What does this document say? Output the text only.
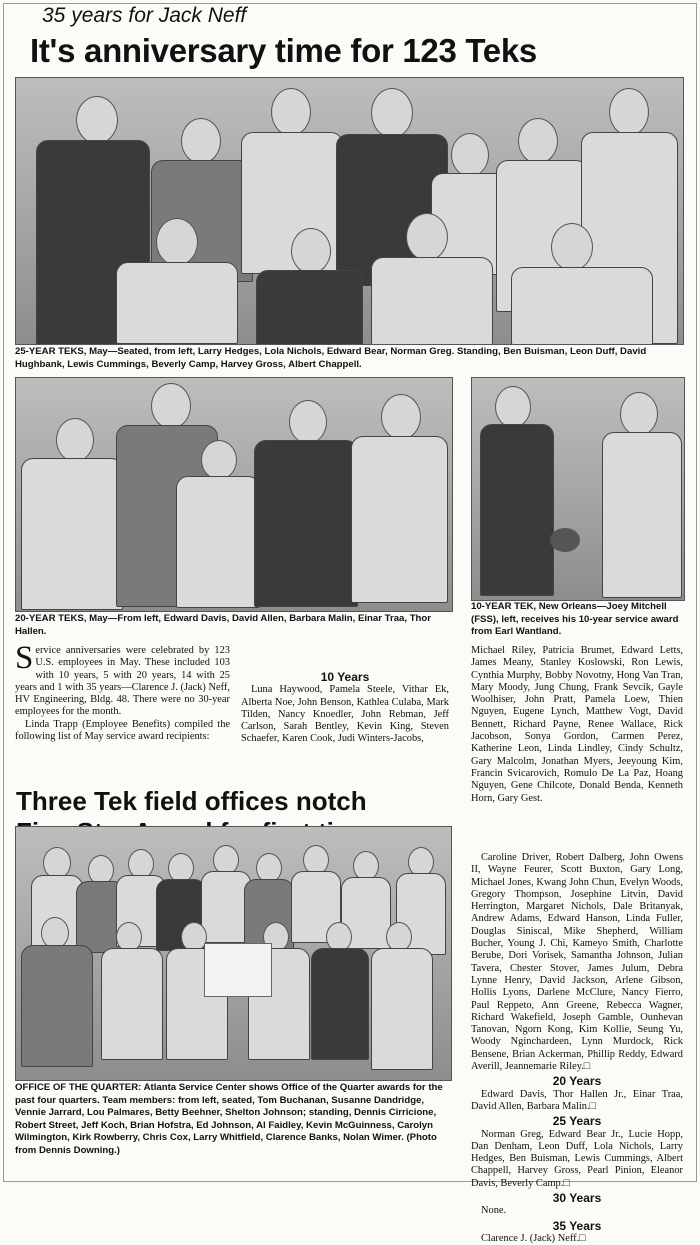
35 years for Jack Neff
It's anniversary time for 123 Teks
25-YEAR TEKS, May—Seated, from left, Larry Hedges, Lola Nichols, Edward Bear, Norman Greg. Standing, Ben Buisman, Leon Duff, David Hughbank, Lewis Cummings, Beverly Camp, Harvey Gross, Albert Chappell.
20-YEAR TEKS, May—From left, Edward Davis, David Allen, Barbara Malin, Einar Traa, Thor Hallen.
10-YEAR TEK, New Orleans—Joey Mitchell (FSS), left, receives his 10-year service award from Earl Wantland.

Service anniversaries were celebrated by 123 U.S. employees in May. These included 103 with 10 years, 5 with 20 years, 14 with 25 years and 1 with 35 years—Clarence J. (Jack) Neff, HV Engineering, Bldg. 48. There were no 30-year employees for the month.

Linda Trapp (Employee Benefits) compiled the following list of May service award recipients:

10 Years

Luna Haywood, Pamela Steele, Vithar Ek, Alberta Noe, John Benson, Kathlea Culaba, Mark Tilden, Nancy Knoedler, John Rebman, Jeff Carlson, Sarah Bentley, Kevin King, Steven Schaefer, Karen Cook, Judi Winters-Jacobs,

Michael Riley, Patricia Brumet, Edward Letts, James Meany, Stanley Koslowski, Ron Lewis, Cynthia Murphy, Bobby Novotny, Hong Van Tran, Mary Moody, Jung Chung, Frank Sevcik, Gayle Woolhiser, John Pratt, Pamela Loew, Thien Nguyen, Eugene Lynch, Matthew Vogt, David Bennett, Richard Payne, Renee Wallace, Rick Jacobson, Sonya Gordon, Carmen Perez, Katherine Leon, Linda Lindley, Cindy Schultz, Gary Malcolm, Jonathan Myers, Jeeyoung Kim, Francin Svicarovich, Romulo De La Paz, Hoang Nguyen, Gene Chilcote, Donald Benda, Kenneth Horn, Gary Gest.

Caroline Driver, Robert Dalberg, John Owens II, Wayne Feurer, Scott Buxton, Gary Long, Michael Jones, Kwang John Chun, Evelyn Woods, Gregory Thompson, Josephine Litvin, David Herrington, Margaret Nichols, Dale Britanyak, Andrew Adams, Edward Hanson, Linda Fuller, Douglas Siniscal, Mike Shepherd, William Bucher, Young J. Chi, Kameyo Smith, Charlotte Berube, Dori Vorisek, Samantha Johnson, Julian Tavera, Chester Stover, James Julum, Debra Lynne Henry, David Jackson, Arlene Gibson, Hollis Lyons, Darlene McClure, Nancy Fierro, Paul Reppeto, Ann Greene, Rebecca Wagner, Richard Wakefield, Joseph Gamble, Ounhevan Tanovan, Ngorn Kong, Kim Kollie, Seung Yu, Woody Nginchardeen, Lynn Murdock, Rick Bensene, Brian Ackerman, Phillip Reddy, Edward Averill, Jeannemarie Riley.□

20 Years

Edward Davis, Thor Hallen Jr., Einar Traa, David Allen, Barbara Malin.□

25 Years

Norman Greg, Edward Bear Jr., Lucie Hopp, Dan Denham, Leon Duff, Lola Nichols, Larry Hedges, Ben Buisman, Lewis Cummings, Albert Chappell, Harvey Gross, Pearl Pinion, Eleanor Davis, Beverly Camp.□

30 Years

None.

35 Years

Clarence J. (Jack) Neff.□

Three Tek field offices notch
OFFICE OF THE QUARTER: Atlanta Service Center shows Office of the Quarter awards for the past four quarters. Team members: from left, seated, Tom Buchanan, Susanne Dandridge, Vennie Jarrard, Lou Palmares, Betty Beehner, Shelton Johnson; standing, Dennis Cirricione, Robert Street, Jeff Koch, Brian Hofstra, Ed Johnson, Al Faidley, Kevin McGuinness, Carolyn Wilmington, Kirk Rowberry, Chris Cox, Larry Whitfield, Clarence Banks, Nolan Wimer. (Photo from Dennis Downing.)
